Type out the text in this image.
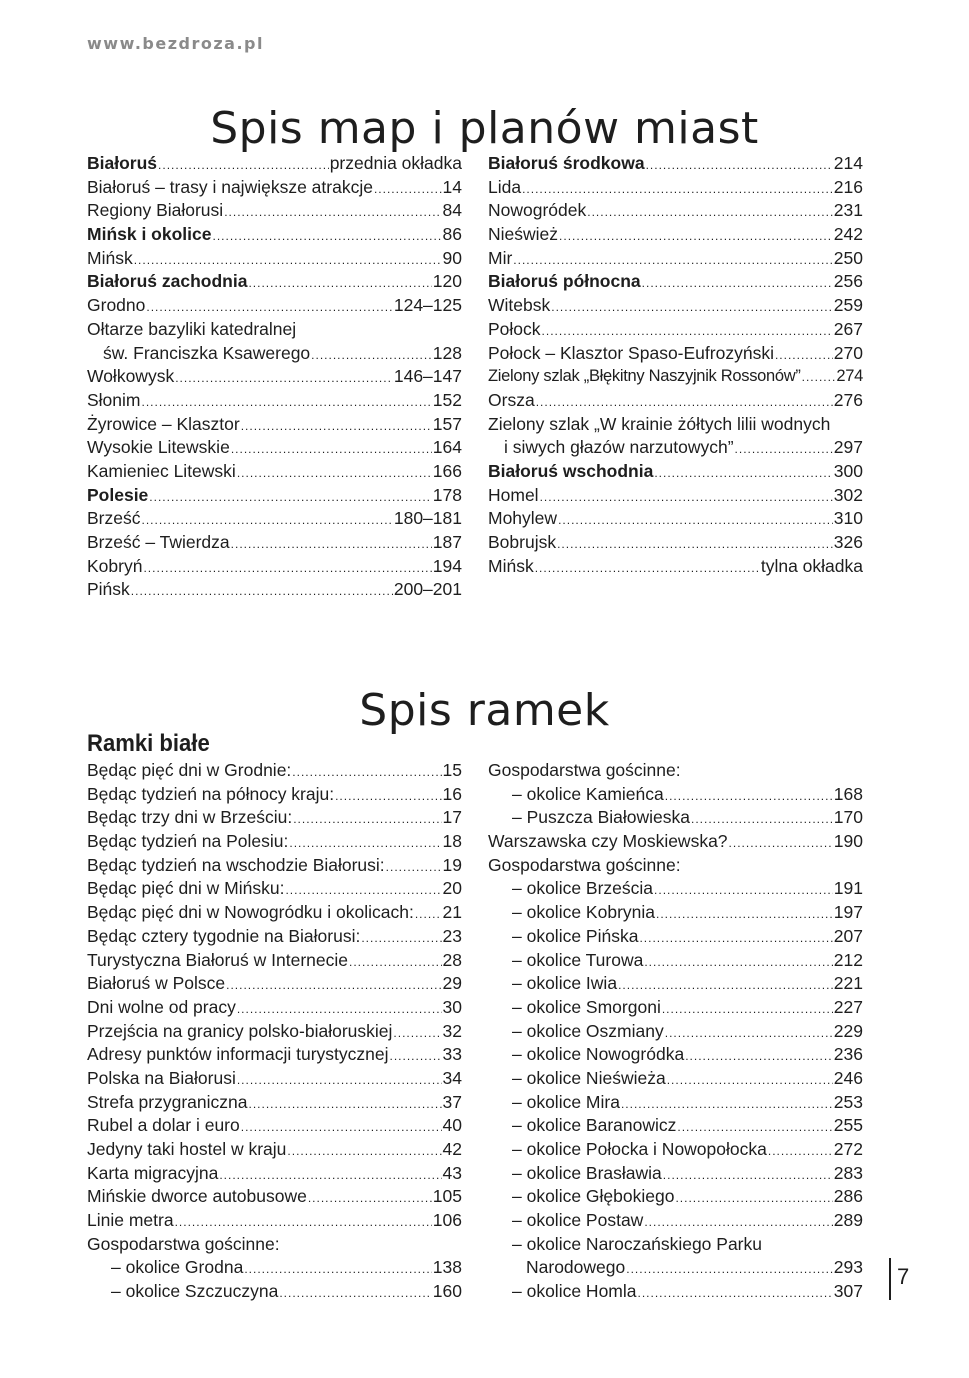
www.bezdroza.pl
Spis map i planów miast
Białoruś .....	przednia okładka
Białoruś – trasy i największe atrakcje .....	14
Regiony Białorusi .....	84
Mińsk i okolice .....	86
Mińsk .....	90
Białoruś zachodnia .....	120
Grodno .....	124–125
Ołtarze bazyliki katedralnej
św. Franciszka Ksawerego .....	128
Wołkowysk .....	146–147
Słonim .....	152
Żyrowice – Klasztor .....	157
Wysokie Litewskie .....	164
Kamieniec Litewski .....	166
Polesie .....	178
Brześć .....	180–181
Brześć – Twierdza .....	187
Kobryń .....	194
Pińsk .....	200–201
Białoruś środkowa .....	214
Lida .....	216
Nowogródek .....	231
Nieśwież .....	242
Mir .....	250
Białoruś północna .....	256
Witebsk .....	259
Połock .....	267
Połock – Klasztor Spaso-Eufrozyński .....	270
Zielony szlak „Błękitny Naszyjnik Rossonów” ..... 274
Orsza .....	276
Zielony szlak „W krainie żółtych lilii wodnych
i siwych głazów narzutowych” .....	297
Białoruś wschodnia .....	300
Homel .....	302
Mohylew .....	310
Bobrujsk .....	326
Mińsk .....	tylna okładka
Spis ramek
Ramki białe
Będąc pięć dni w Grodnie: .....	15
Będąc tydzień na północy kraju: .....	16
Będąc trzy dni w Brześciu: .....	17
Będąc tydzień na Polesiu: .....	18
Będąc tydzień na wschodzie Białorusi: .....	19
Będąc pięć dni w Mińsku: .....	20
Będąc pięć dni w Nowogródku i okolicach: ..... 21
Będąc cztery tygodnie na Białorusi: .....	23
Turystyczna Białoruś w Internecie .....	28
Białoruś w Polsce .....	29
Dni wolne od pracy .....	30
Przejścia na granicy polsko-białoruskiej .....	32
Adresy punktów informacji turystycznej .....	33
Polska na Białorusi .....	34
Strefa przygraniczna .....	37
Rubel a dolar i euro .....	40
Jedyny taki hostel w kraju .....	42
Karta migracyjna .....	43
Mińskie dworce autobusowe .....	105
Linie metra .....	106
Gospodarstwa gościnne:
– okolice Grodna .....	138
– okolice Szczuczyna .....	160
Gospodarstwa gościnne:
– okolice Kamieńca .....	168
– Puszcza Białowieska .....	170
Warszawska czy Moskiewska? .....	190
Gospodarstwa gościnne:
– okolice Brześcia .....	191
– okolice Kobrynia .....	197
– okolice Pińska .....	207
– okolice Turowa .....	212
– okolice Iwia .....	221
– okolice Smorgoni .....	227
– okolice Oszmiany .....	229
– okolice Nowogródka .....	236
– okolice Nieświeża .....	246
– okolice Mira .....	253
– okolice Baranowicz .....	255
– okolice Połocka i Nowopołocka .....	272
– okolice Brasławia .....	283
– okolice Głębokiego .....	286
– okolice Postaw .....	289
– okolice Naroczańskiego Parku
Narodowego .....	293
– okolice Homla .....	307
7
